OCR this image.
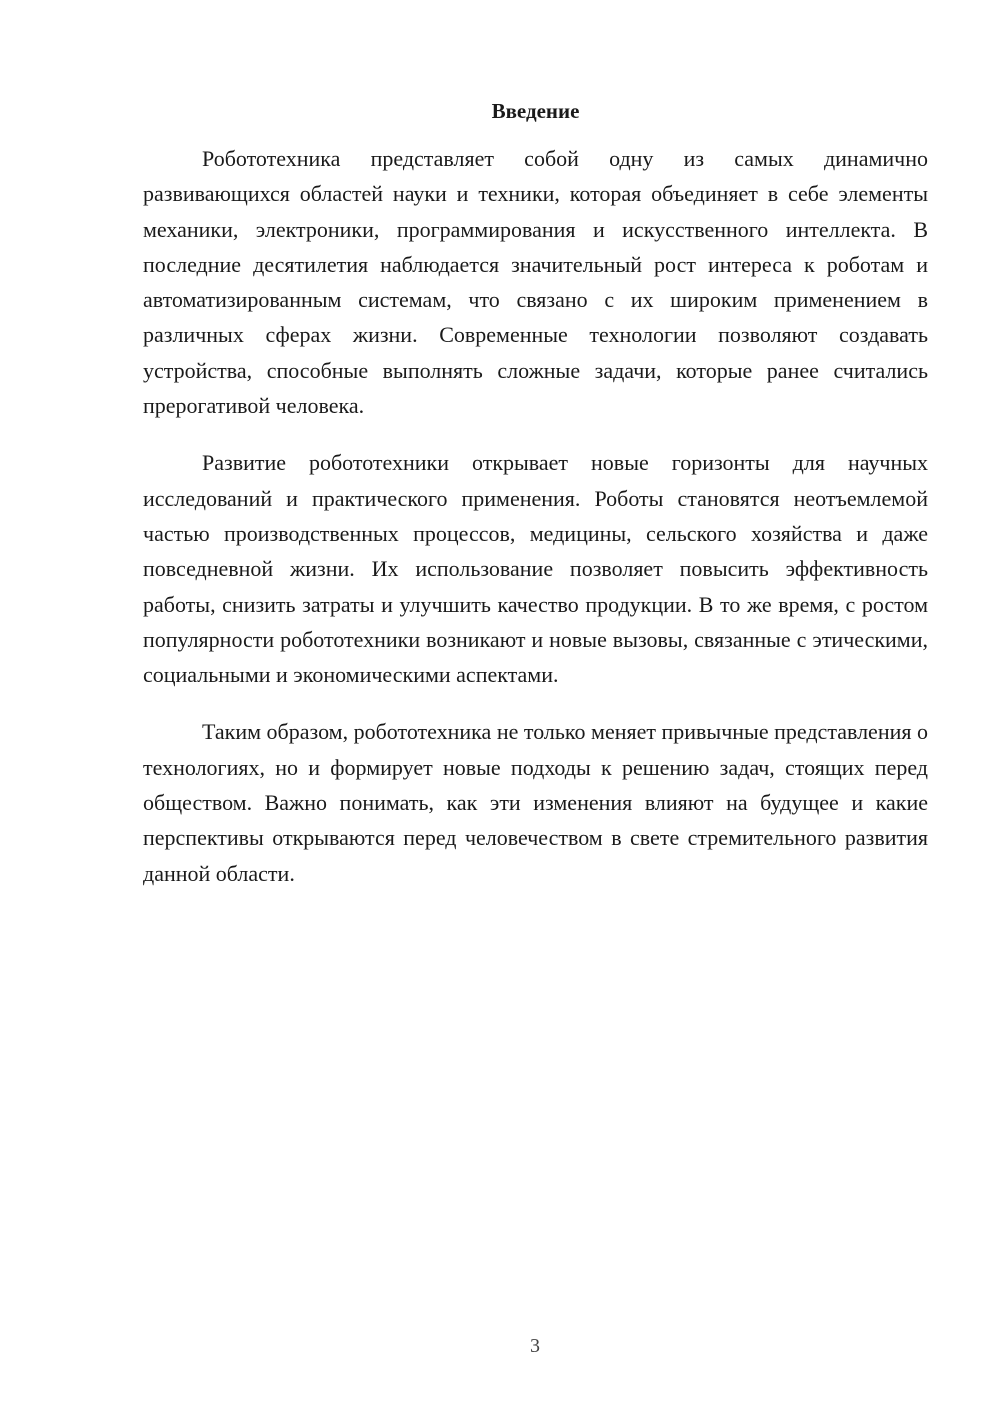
Введение

Робототехника представляет собой одну из самых динамично развивающихся областей науки и техники, которая объединяет в себе элементы механики, электроники, программирования и искусственного интеллекта. В последние десятилетия наблюдается значительный рост интереса к роботам и автоматизированным системам, что связано с их широким применением в различных сферах жизни. Современные технологии позволяют создавать устройства, способные выполнять сложные задачи, которые ранее считались прерогативой человека.

Развитие робототехники открывает новые горизонты для научных исследований и практического применения. Роботы становятся неотъемлемой частью производственных процессов, медицины, сельского хозяйства и даже повседневной жизни. Их использование позволяет повысить эффективность работы, снизить затраты и улучшить качество продукции. В то же время, с ростом популярности робототехники возникают и новые вызовы, связанные с этическими, социальными и экономическими аспектами.

Таким образом, робототехника не только меняет привычные представления о технологиях, но и формирует новые подходы к решению задач, стоящих перед обществом. Важно понимать, как эти изменения влияют на будущее и какие перспективы открываются перед человечеством в свете стремительного развития данной области.

3
